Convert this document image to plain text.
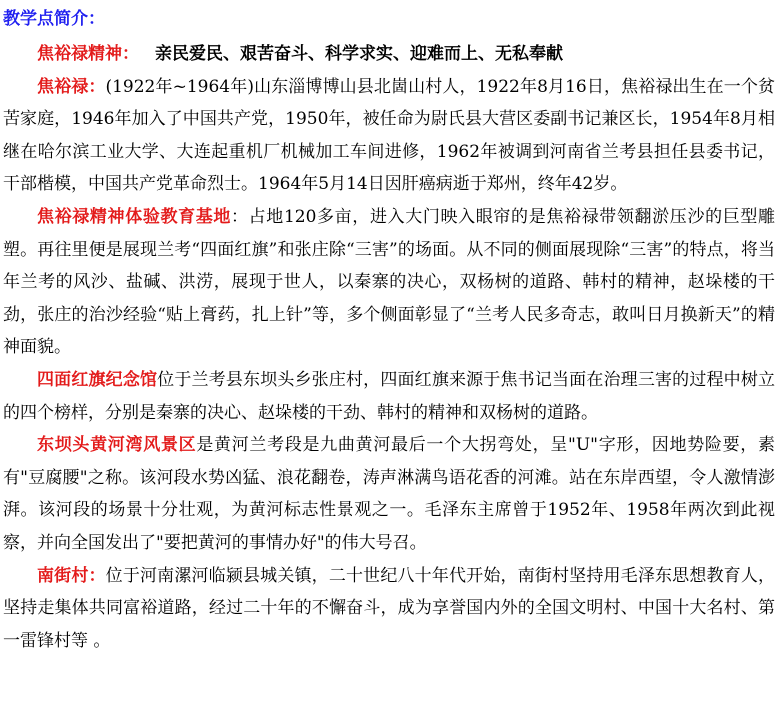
教学点简介：

焦裕禄精神： 亲民爱民、艰苦奋斗、科学求实、迎难而上、无私奉献

焦裕禄：(1922年~1964年)山东淄博博山县北崮山村人，1922年8月16日，焦裕禄出生在一个贫苦家庭，1946年加入了中国共产党，1950年，被任命为尉氏县大营区委副书记兼区长，1954年8月相继在哈尔滨工业大学、大连起重机厂机械加工车间进修，1962年被调到河南省兰考县担任县委书记，干部楷模，中国共产党革命烈士。1964年5月14日因肝癌病逝于郑州，终年42岁。

焦裕禄精神体验教育基地：占地120多亩，进入大门映入眼帘的是焦裕禄带领翻淤压沙的巨型雕塑。再往里便是展现兰考“四面红旗”和张庄除“三害”的场面。从不同的侧面展现除“三害”的特点，将当年兰考的风沙、盐碱、洪涝，展现于世人，以秦寨的决心，双杨树的道路、韩村的精神，赵垛楼的干劲，张庄的治沙经验“贴上膏药，扎上针”等，多个侧面彰显了“兰考人民多奇志，敢叫日月换新天”的精神面貌。

四面红旗纪念馆位于兰考县东坝头乡张庄村，四面红旗来源于焦书记当面在治理三害的过程中树立的四个榜样，分别是秦寨的决心、赵垛楼的干劲、韩村的精神和双杨树的道路。

东坝头黄河湾风景区是黄河兰考段是九曲黄河最后一个大拐弯处，呈"U"字形，因地势险要，素有"豆腐腰"之称。该河段水势凶猛、浪花翻卷，涛声淋满鸟语花香的河滩。站在东岸西望，令人激情澎湃。该河段的场景十分壮观，为黄河标志性景观之一。毛泽东主席曾于1952年、1958年两次到此视察，并向全国发出了"要把黄河的事情办好"的伟大号召。

南街村：位于河南漯河临颍县城关镇，二十世纪八十年代开始，南街村坚持用毛泽东思想教育人，坚持走集体共同富裕道路，经过二十年的不懈奋斗，成为享誉国内外的全国文明村、中国十大名村、第一雷锋村等 。
